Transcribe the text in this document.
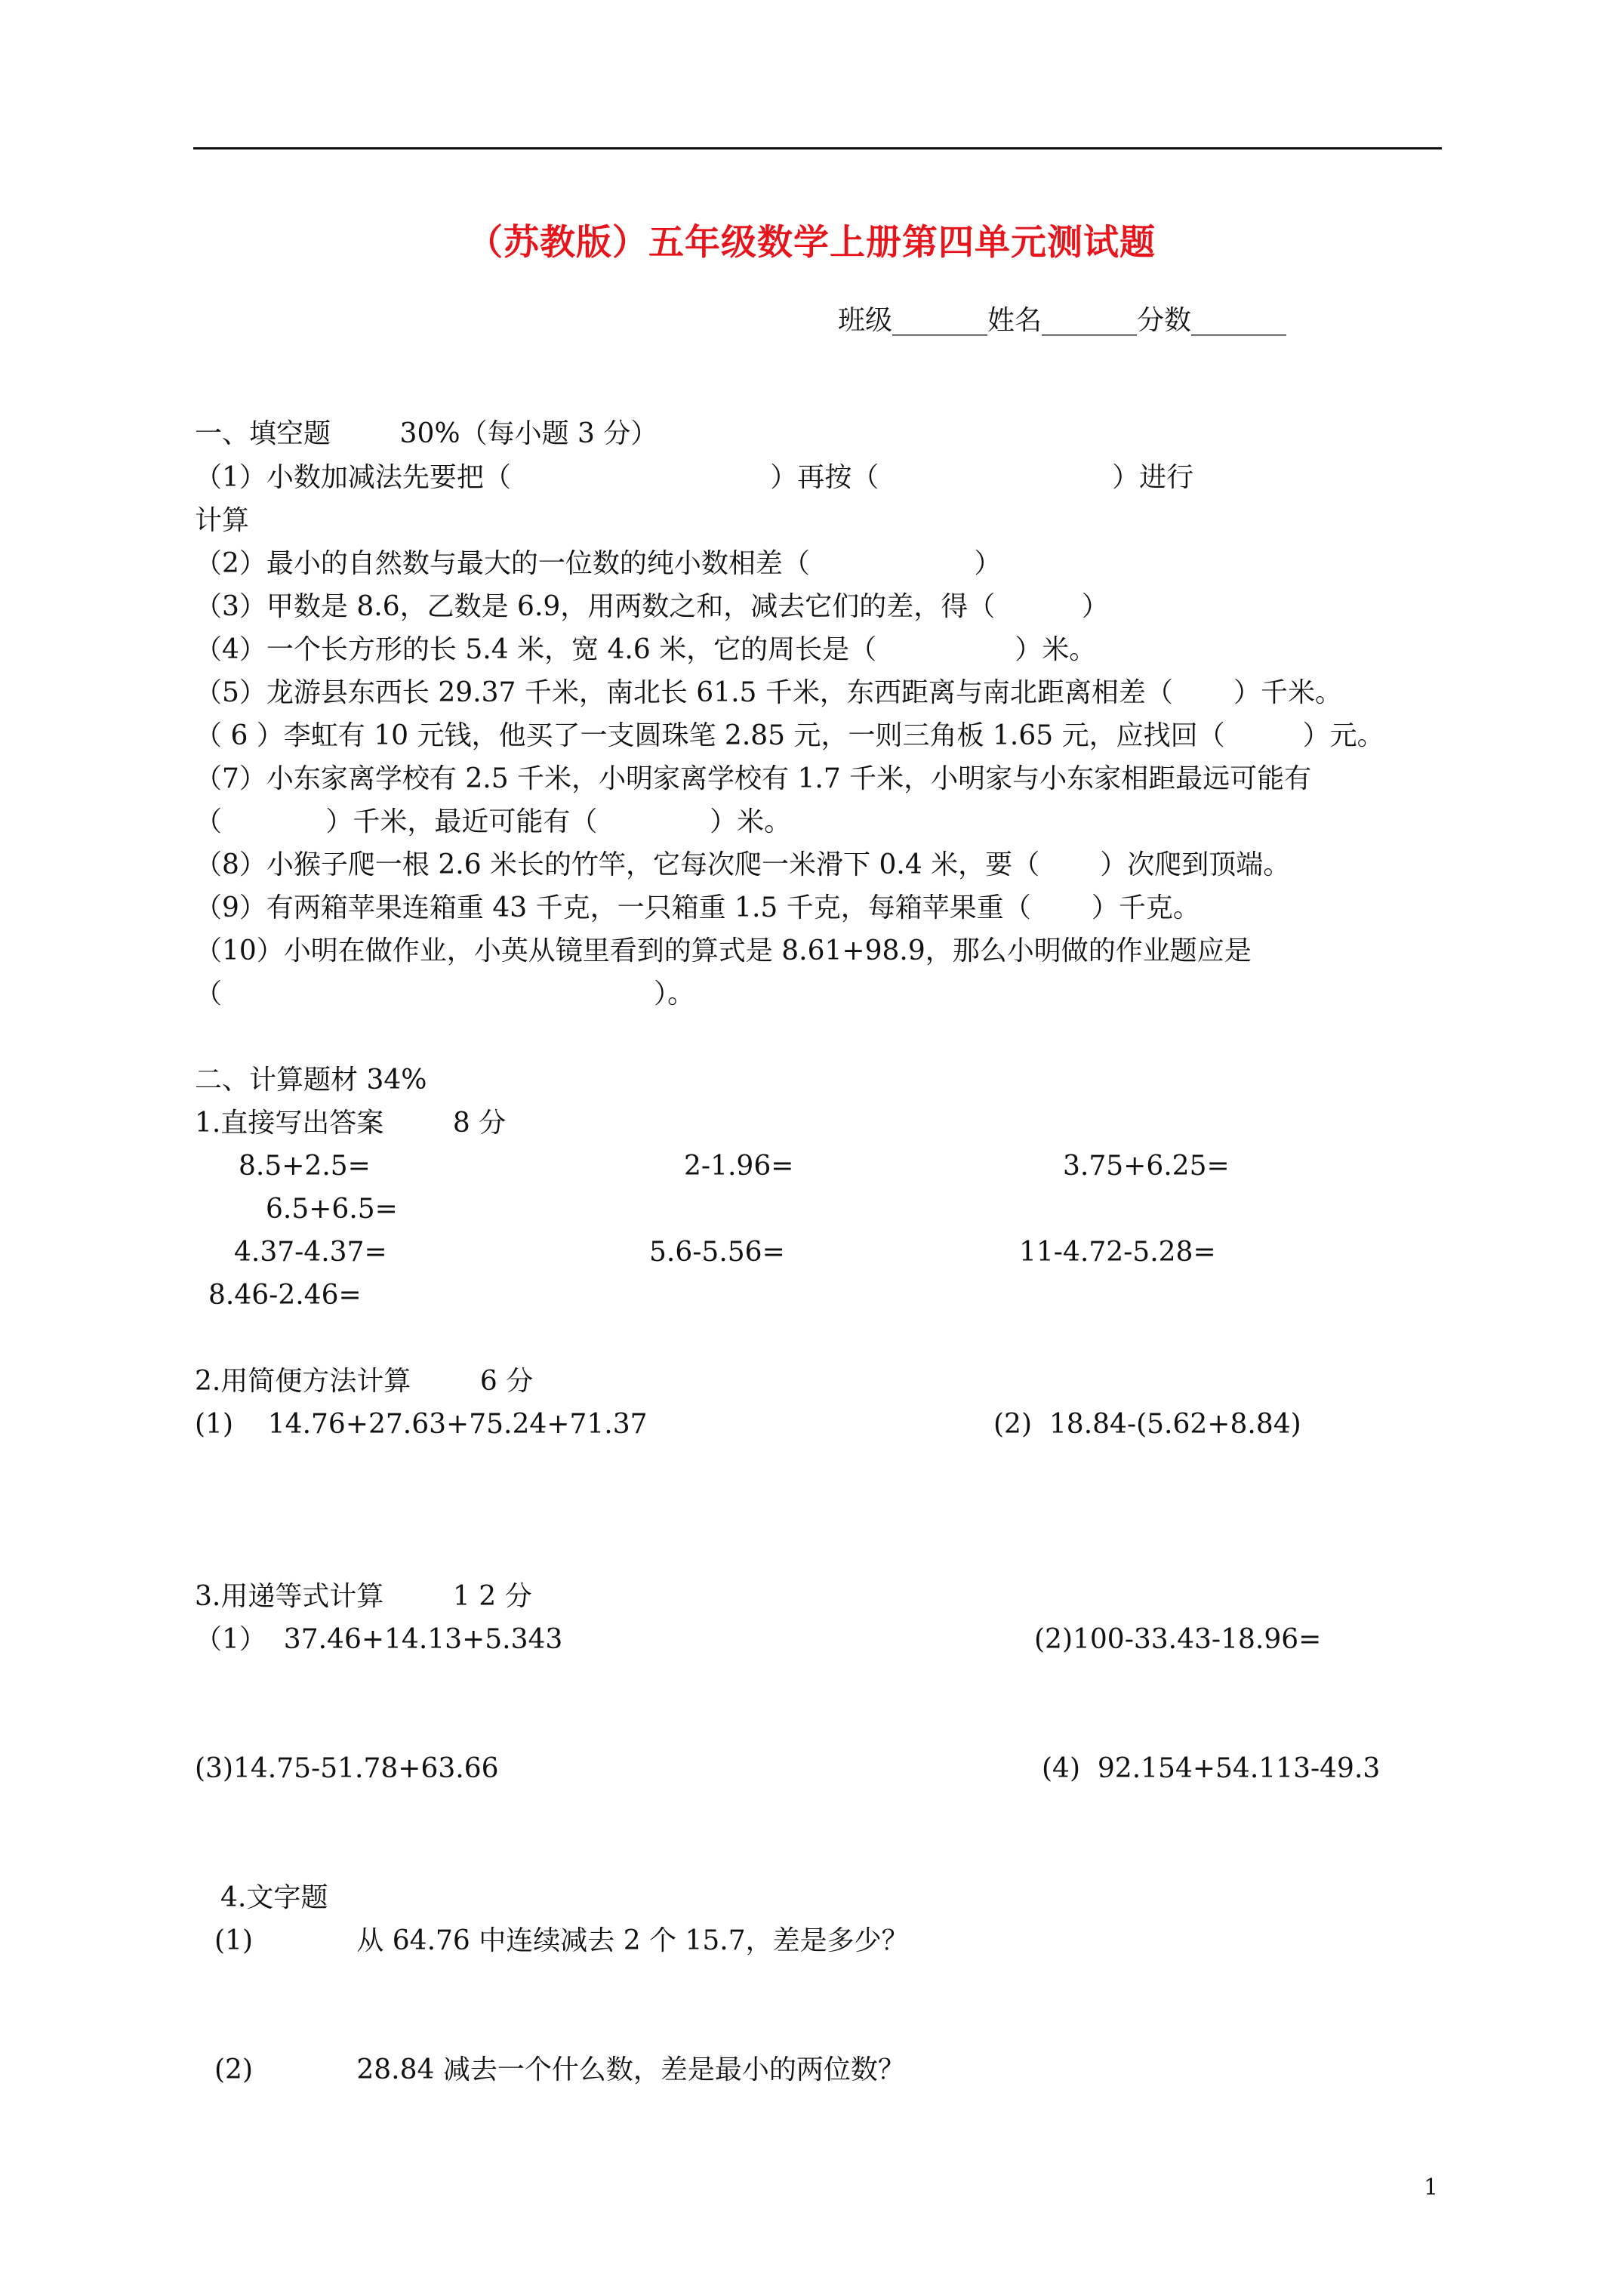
（苏教版）五年级数学上册第四单元测试题
班级_______姓名_______分数_______
一、填空题        30%（每小题 3 分）
（1）小数加减法先要把（                              ）再按（                           ）进行
计算
（2）最小的自然数与最大的一位数的纯小数相差（                   ）
（3）甲数是 8.6，乙数是 6.9，用两数之和，减去它们的差，得（          ）
（4）一个长方形的长 5.4 米，宽 4.6 米，它的周长是（                ）米。
（5）龙游县东西长 29.37 千米，南北长 61.5 千米，东西距离与南北距离相差（       ）千米。
（ 6 ）李虹有 10 元钱，他买了一支圆珠笔 2.85 元，一则三角板 1.65 元，应找回（         ）元。
（7）小东家离学校有 2.5 千米，小明家离学校有 1.7 千米，小明家与小东家相距最远可能有
（            ）千米，最近可能有（             ）米。
（8）小猴子爬一根 2.6 米长的竹竿，它每次爬一米滑下 0.4 米，要（       ）次爬到顶端。
（9）有两箱苹果连箱重 43 千克，一只箱重 1.5 千克，每箱苹果重（       ）千克。
（10）小明在做作业，小英从镜里看到的算式是 8.61+98.9，那么小明做的作业题应是
（                                                  ）。
二、计算题材 34%
1.直接写出答案        8 分
8.5+2.5=	2-1.96=	3.75+6.25=
6.5+6.5=
4.37-4.37=	5.6-5.56=	11-4.72-5.28=
8.46-2.46=
2.用简便方法计算        6 分
(1)    14.76+27.63+75.24+71.37	(2)  18.84-(5.62+8.84)
3.用递等式计算        1 2 分
（1）  37.46+14.13+5.343	(2)100-33.43-18.96=
(3)14.75-51.78+63.66	(4)  92.154+54.113-49.3
4.文字题
(1)            从 64.76 中连续减去 2 个 15.7，差是多少？
(2)            28.84 减去一个什么数，差是最小的两位数？
1
